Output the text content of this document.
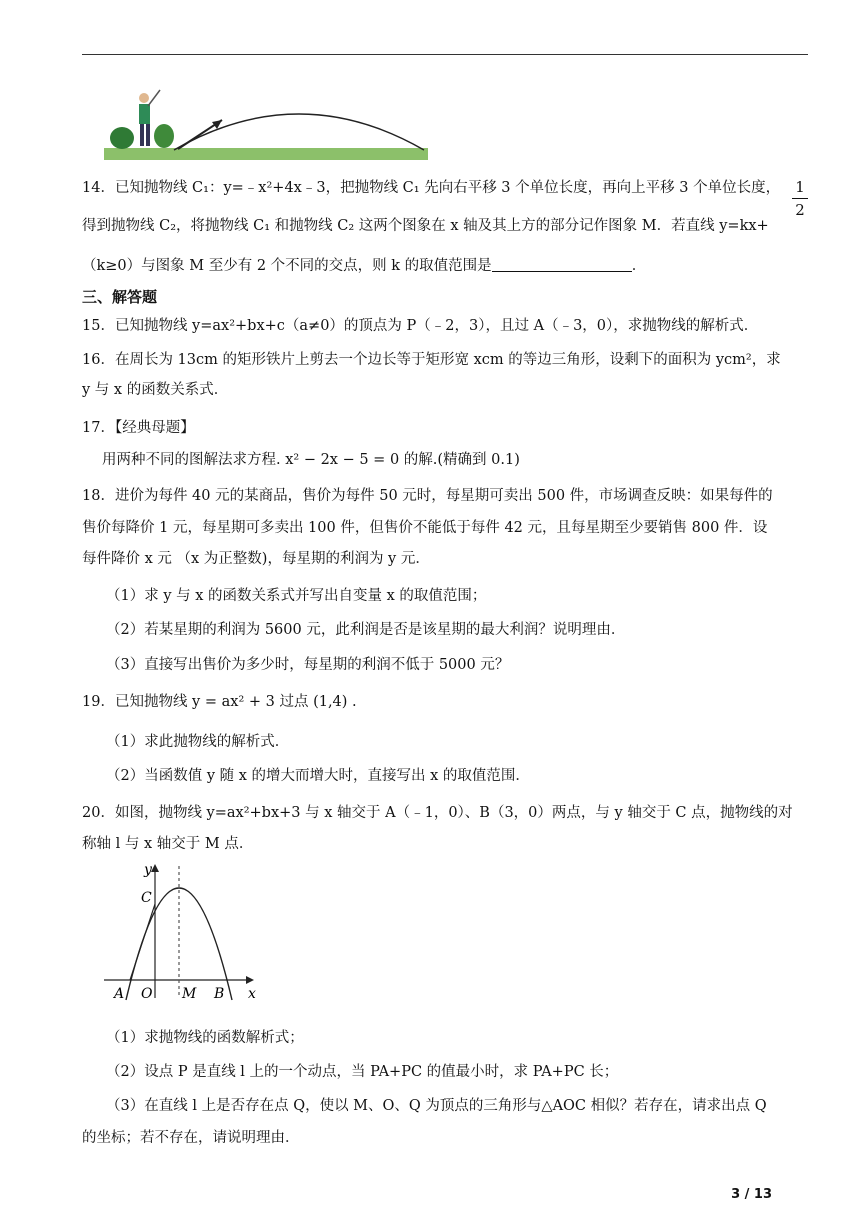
14．已知抛物线 C₁：y=﹣x²+4x﹣3，把抛物线 C₁ 先向右平移 3 个单位长度，再向上平移 3 个单位长度，
得到抛物线 C₂，将抛物线 C₁ 和抛物线 C₂ 这两个图象在 x 轴及其上方的部分记作图象 M．若直线 y=kx+
1
2
（k≥0）与图象 M 至少有 2 个不同的交点，则 k 的取值范围是	．
三、解答题
15．已知抛物线 y=ax²+bx+c（a≠0）的顶点为 P（﹣2，3），且过 A（﹣3，0），求抛物线的解析式．
16．在周长为 13cm 的矩形铁片上剪去一个边长等于矩形宽 xcm 的等边三角形，设剩下的面积为 ycm²，求
y 与 x 的函数关系式．
17．【经典母题】
用两种不同的图解法求方程. x² − 2x − 5 = 0 的解.(精确到 0.1)
18．进价为每件 40 元的某商品，售价为每件 50 元时，每星期可卖出 500 件，市场调查反映：如果每件的
售价每降价 1 元，每星期可多卖出 100 件，但售价不能低于每件 42 元，且每星期至少要销售 800 件．设
每件降价 x 元 （x 为正整数)，每星期的利润为 y 元．
（1）求 y 与 x 的函数关系式并写出自变量 x 的取值范围；
（2）若某星期的利润为 5600 元，此利润是否是该星期的最大利润？说明理由．
（3）直接写出售价为多少时，每星期的利润不低于 5000 元？
19．已知抛物线 y = ax² + 3 过点 (1,4) .
（1）求此抛物线的解析式．
（2）当函数值 y 随 x 的增大而增大时，直接写出 x 的取值范围．
20．如图，抛物线 y=ax²+bx+3 与 x 轴交于 A（﹣1，0）、B（3，0）两点，与 y 轴交于 C 点，抛物线的对
称轴 l 与 x 轴交于 M 点．
y
C
A O M B x
（1）求抛物线的函数解析式；
（2）设点 P 是直线 l 上的一个动点，当 PA+PC 的值最小时，求 PA+PC 长；
（3）在直线 l 上是否存在点 Q，使以 M、O、Q 为顶点的三角形与△AOC 相似？若存在，请求出点 Q
的坐标；若不存在，请说明理由．
3 / 13
